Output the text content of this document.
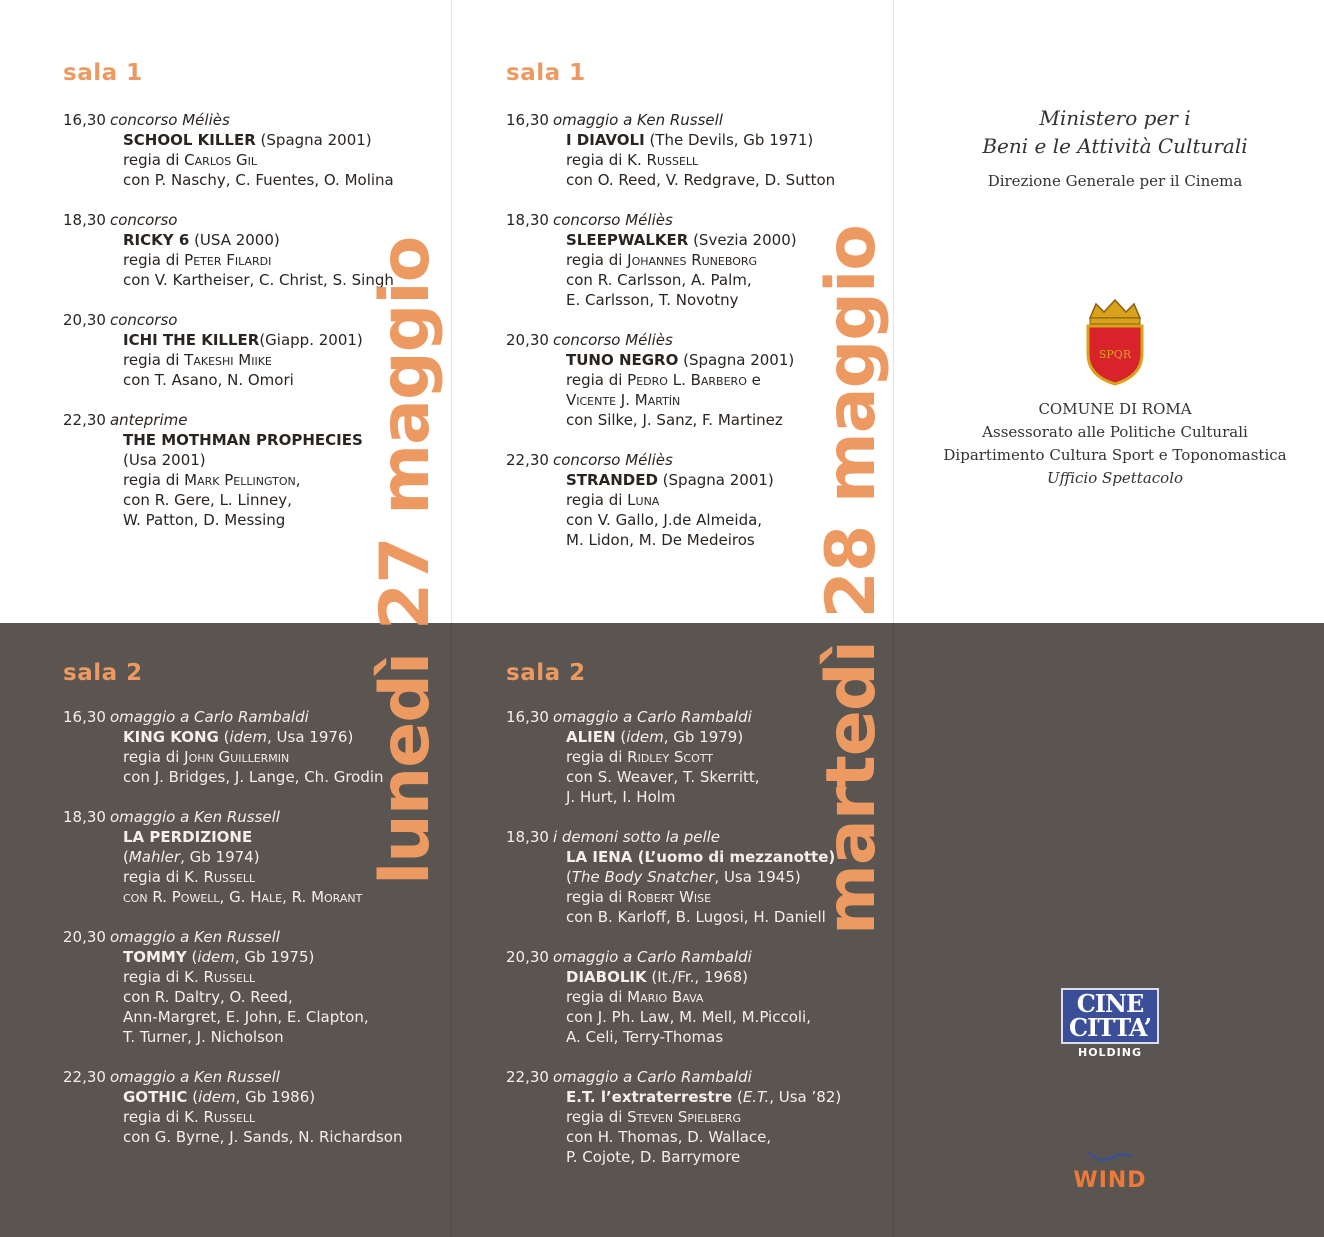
sala 1
16,30 concorso Méliès
SCHOOL KILLER (Spagna 2001)
regia di Carlos Gil
con P. Naschy, C. Fuentes, O. Molina
18,30 concorso
RICKY 6 (USA 2000)
regia di Peter Filardi
con V. Kartheiser, C. Christ, S. Singh
20,30 concorso
ICHI THE KILLER(Giapp. 2001)
regia di Takeshi Miike
con T. Asano, N. Omori
22,30 anteprime
THE MOTHMAN PROPHECIES
(Usa 2001)
regia di Mark Pellington,
con R. Gere, L. Linney,
W. Patton, D. Messing
sala 2
16,30 omaggio a Carlo Rambaldi
KING KONG (idem, Usa 1976)
regia di John Guillermin
con J. Bridges, J. Lange, Ch. Grodin
18,30 omaggio a Ken Russell
LA PERDIZIONE
(Mahler, Gb 1974)
regia di K. Russell
con R. Powell, G. Hale, R. Morant
20,30 omaggio a Ken Russell
TOMMY (idem, Gb 1975)
regia di K. Russell
con R. Daltry, O. Reed,
Ann-Margret, E. John, E. Clapton,
T. Turner, J. Nicholson
22,30 omaggio a Ken Russell
GOTHIC (idem, Gb 1986)
regia di K. Russell
con G. Byrne, J. Sands, N. Richardson
lunedì 27 maggio
sala 1
16,30 omaggio a Ken Russell
I DIAVOLI (The Devils, Gb 1971)
regia di K. Russell
con O. Reed, V. Redgrave, D. Sutton
18,30 concorso Méliès
SLEEPWALKER (Svezia 2000)
regia di Johannes Runeborg
con R. Carlsson, A. Palm,
E. Carlsson, T. Novotny
20,30 concorso Méliès
TUNO NEGRO (Spagna 2001)
regia di Pedro L. Barbero e
Vicente J. Martín
con Silke, J. Sanz, F. Martinez
22,30 concorso Méliès
STRANDED (Spagna 2001)
regia di Luna
con V. Gallo, J.de Almeida,
M. Lidon, M. De Medeiros
sala 2
16,30 omaggio a Carlo Rambaldi
ALIEN (idem, Gb 1979)
regia di Ridley Scott
con S. Weaver, T. Skerritt,
J. Hurt, I. Holm
18,30 i demoni sotto la pelle
LA IENA (L’uomo di mezzanotte)
(The Body Snatcher, Usa 1945)
regia di Robert Wise
con B. Karloff, B. Lugosi, H. Daniell
20,30 omaggio a Carlo Rambaldi
DIABOLIK (It./Fr., 1968)
regia di Mario Bava
con J. Ph. Law, M. Mell, M.Piccoli,
A. Celi, Terry-Thomas
22,30 omaggio a Carlo Rambaldi
E.T. l’extraterrestre (E.T., Usa ’82)
regia di Steven Spielberg
con H. Thomas, D. Wallace,
P. Cojote, D. Barrymore
martedì 28 maggio
Ministero per i
Beni e le Attività Culturali
Direzione Generale per il Cinema
SPQR
COMUNE DI ROMA
Assessorato alle Politiche Culturali
Dipartimento Cultura Sport e Toponomastica
Ufficio Spettacolo
CINE
CITTA’
HOLDING
WIND
